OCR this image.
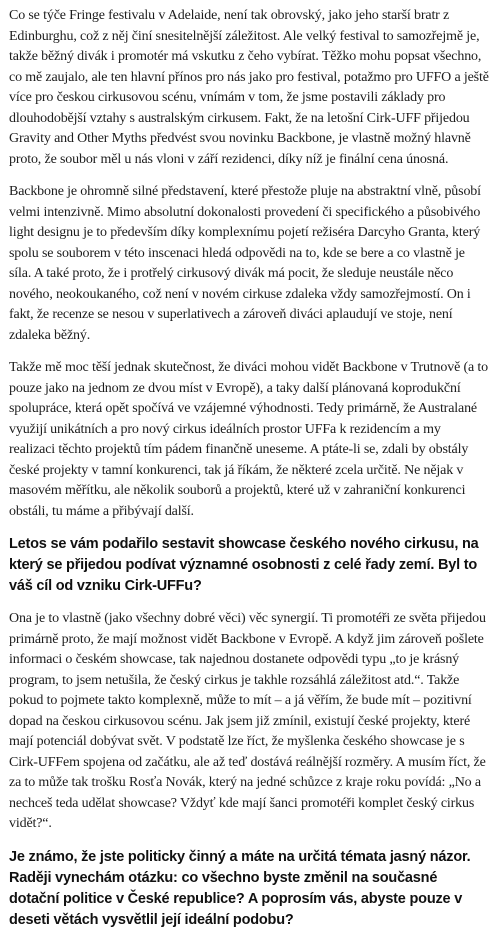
Co se týče Fringe festivalu v Adelaide, není tak obrovský, jako jeho starší bratr z Edinburghu, což z něj činí snesitelnější záležitost. Ale velký festival to samozřejmě je, takže běžný divák i promotér má vskutku z čeho vybírat. Těžko mohu popsat všechno, co mě zaujalo, ale ten hlavní přínos pro nás jako pro festival, potažmo pro UFFO a ještě více pro českou cirkusovou scénu, vnímám v tom, že jsme postavili základy pro dlouhodobější vztahy s australským cirkusem. Fakt, že na letošní Cirk-UFF přijedou Gravity and Other Myths předvést svou novinku Backbone, je vlastně možný hlavně proto, že soubor měl u nás vloni v září rezidenci, díky níž je finální cena únosná.

Backbone je ohromně silné představení, které přestože pluje na abstraktní vlně, působí velmi intenzivně. Mimo absolutní dokonalosti provedení či specifického a působivého light designu je to především díky komplexnímu pojetí režiséra Darcyho Granta, který spolu se souborem v této inscenaci hledá odpovědi na to, kde se bere a co vlastně je síla. A také proto, že i protřelý cirkusový divák má pocit, že sleduje neustále něco nového, neokoukaného, což není v novém cirkuse zdaleka vždy samozřejmostí. On i fakt, že recenze se nesou v superlativech a zároveň diváci aplaudují ve stoje, není zdaleka běžný.

Takže mě moc těší jednak skutečnost, že diváci mohou vidět Backbone v Trutnově (a to pouze jako na jednom ze dvou míst v Evropě), a taky další plánovaná koprodukční spolupráce, která opět spočívá ve vzájemné výhodnosti. Tedy primárně, že Australané využijí unikátních a pro nový cirkus ideálních prostor UFFa k rezidencím a my realizaci těchto projektů tím pádem finančně uneseme. A ptáte-li se, zdali by obstály české projekty v tamní konkurenci, tak já říkám, že některé zcela určitě. Ne nějak v masovém měřítku, ale několik souborů a projektů, které už v zahraniční konkurenci obstáli, tu máme a přibývají další.

Letos se vám podařilo sestavit showcase českého nového cirkusu, na který se přijedou podívat významné osobnosti z celé řady zemí. Byl to váš cíl od vzniku Cirk-UFFu?

Ona je to vlastně (jako všechny dobré věci) věc synergií. Ti promotéři ze světa přijedou primárně proto, že mají možnost vidět Backbone v Evropě. A když jim zároveň pošlete informaci o českém showcase, tak najednou dostanete odpovědi typu „to je krásný program, to jsem netušila, že český cirkus je takhle rozsáhlá záležitost atd.“. Takže pokud to pojmete takto komplexně, může to mít – a já věřím, že bude mít – pozitivní dopad na českou cirkusovou scénu. Jak jsem již zmínil, existují české projekty, které mají potenciál dobývat svět. V podstatě lze říct, že myšlenka českého showcase je s Cirk-UFFem spojena od začátku, ale až teď dostává reálnější rozměry. A musím říct, že za to může tak trošku Rosťa Novák, který na jedné schůzce z kraje roku povídá: „No a nechceš teda udělat showcase? Vždyť kde mají šanci promotéři komplet český cirkus vidět?“.

Je známo, že jste politicky činný a máte na určitá témata jasný názor. Raději vynechám otázku: co všechno byste změnil na současné dotační politice v České republice? A poprosím vás, abyste pouze v deseti větách vysvětlil její ideální podobu?
